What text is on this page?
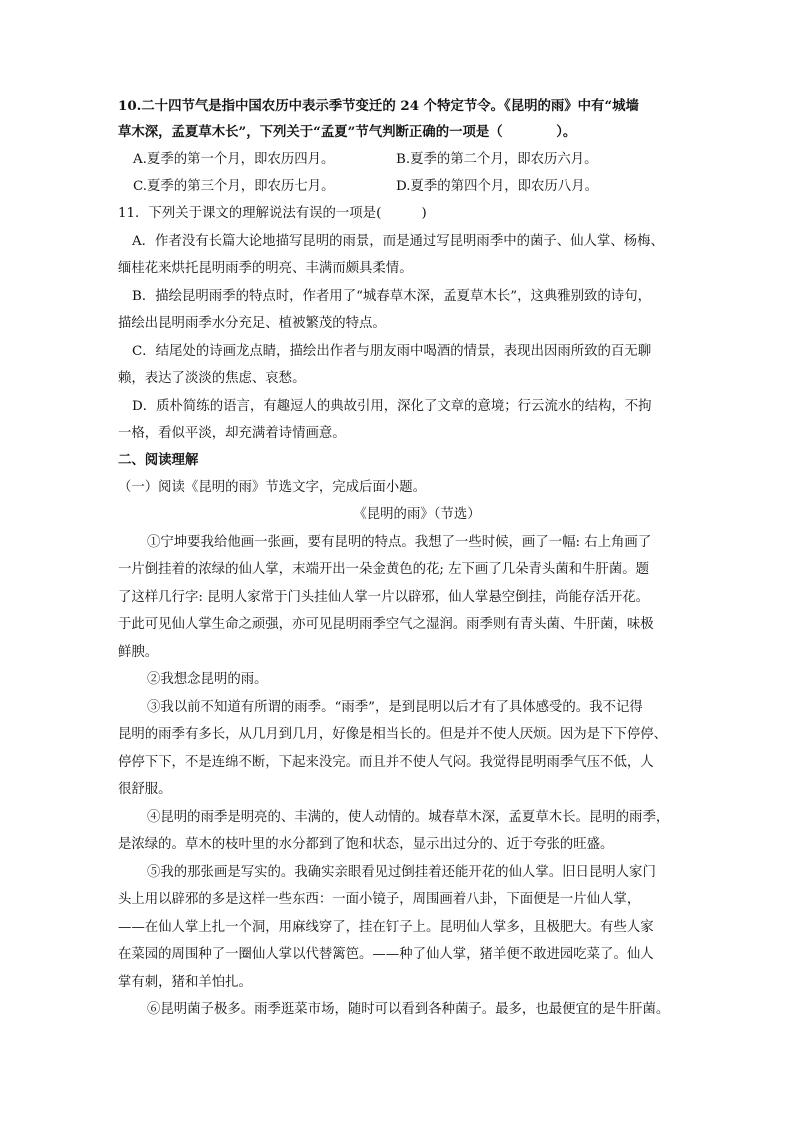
10.二十四节气是指中国农历中表示季节变迁的 24 个特定节令。《昆明的雨》中有“城墙
草木深，孟夏草木长”，下列关于“孟夏”节气判断正确的一项是（　　　　）。
A.夏季的第一个月，即农历四月。	B.夏季的第二个月，即农历六月。
C.夏季的第三个月，即农历七月。	D.夏季的第四个月，即农历八月。
11．下列关于课文的理解说法有误的一项是(　　　)
A．作者没有长篇大论地描写昆明的雨景，而是通过写昆明雨季中的菌子、仙人掌、杨梅、
缅桂花来烘托昆明雨季的明亮、丰满而颇具柔情。
B．描绘昆明雨季的特点时，作者用了“城春草木深，孟夏草木长”，这典雅别致的诗句，
描绘出昆明雨季水分充足、植被繁茂的特点。
C．结尾处的诗画龙点睛，描绘出作者与朋友雨中喝酒的情景，表现出因雨所致的百无聊
赖，表达了淡淡的焦虑、哀愁。
D．质朴简练的语言，有趣逗人的典故引用，深化了文章的意境；行云流水的结构，不拘
一格，看似平淡，却充满着诗情画意。
二、阅读理解
（一）阅读《昆明的雨》节选文字，完成后面小题。
《昆明的雨》（节选）
①宁坤要我给他画一张画，要有昆明的特点。我想了一些时候，画了一幅: 右上角画了
一片倒挂着的浓绿的仙人掌，末端开出一朵金黄色的花; 左下画了几朵青头菌和牛肝菌。题
了这样几行字: 昆明人家常于门头挂仙人掌一片以辟邪，仙人掌悬空倒挂，尚能存活开花。
于此可见仙人掌生命之顽强，亦可见昆明雨季空气之湿润。雨季则有青头菌、牛肝菌，味极
鲜腴。
②我想念昆明的雨。
③我以前不知道有所谓的雨季。“雨季”，是到昆明以后才有了具体感受的。我不记得
昆明的雨季有多长，从几月到几月，好像是相当长的。但是并不使人厌烦。因为是下下停停、
停停下下，不是连绵不断，下起来没完。而且并不使人气闷。我觉得昆明雨季气压不低，人
很舒服。
④昆明的雨季是明亮的、丰满的，使人动情的。城春草木深，孟夏草木长。昆明的雨季，
是浓绿的。草木的枝叶里的水分都到了饱和状态，显示出过分的、近于夸张的旺盛。
⑤我的那张画是写实的。我确实亲眼看见过倒挂着还能开花的仙人掌。旧日昆明人家门
头上用以辟邪的多是这样一些东西：一面小镜子，周围画着八卦，下面便是一片仙人掌，
——在仙人掌上扎一个洞，用麻线穿了，挂在钉子上。昆明仙人掌多，且极肥大。有些人家
在菜园的周围种了一圈仙人掌以代替篱笆。——种了仙人掌，猪羊便不敢进园吃菜了。仙人
掌有刺，猪和羊怕扎。
⑥昆明菌子极多。雨季逛菜市场，随时可以看到各种菌子。最多，也最便宜的是牛肝菌。
